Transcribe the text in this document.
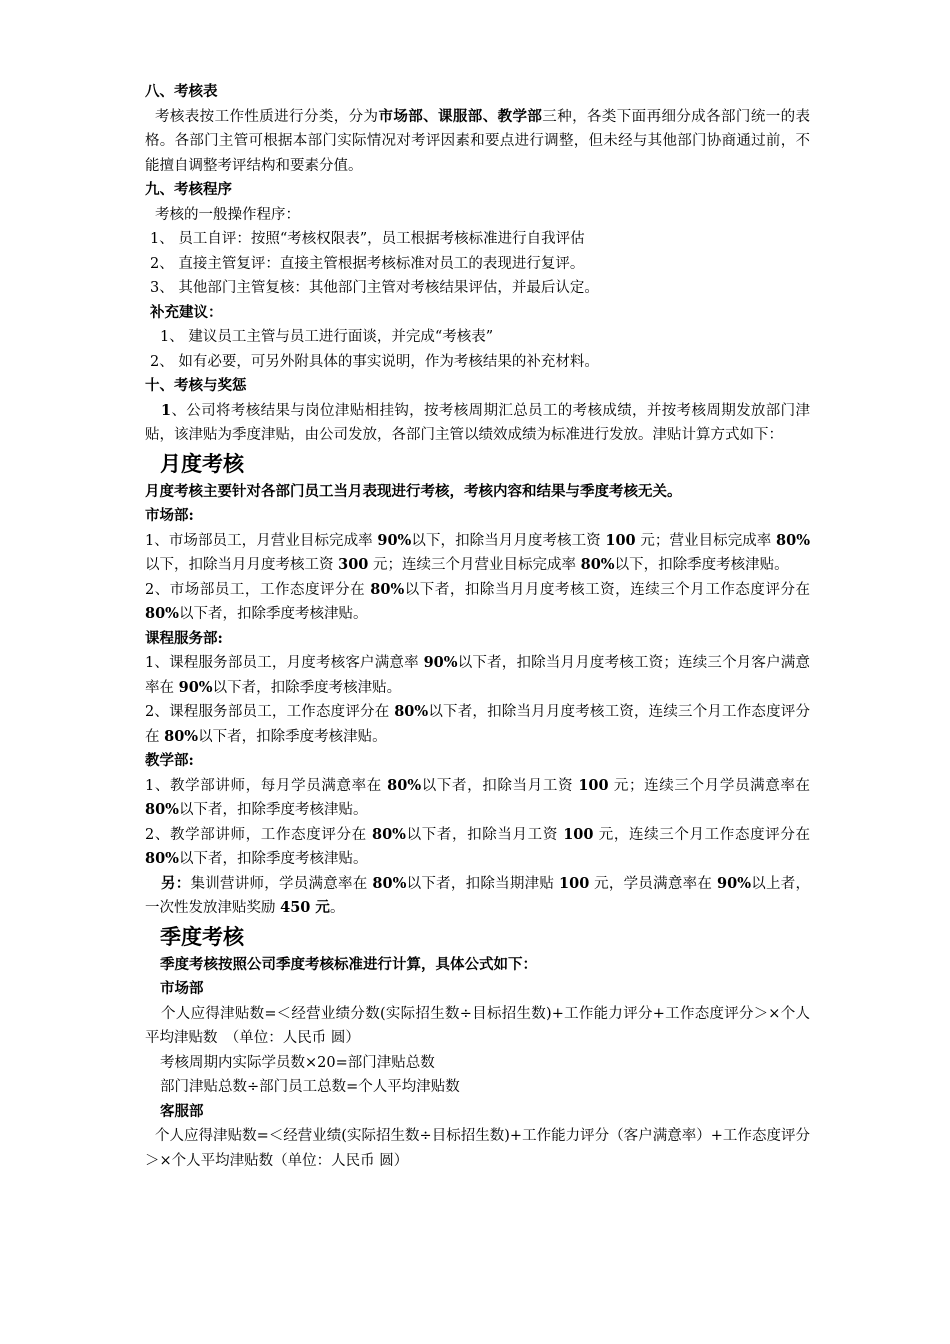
八、考核表

考核表按工作性质进行分类，分为市场部、课服部、教学部三种，各类下面再细分成各部门统一的表格。各部门主管可根据本部门实际情况对考评因素和要点进行调整，但未经与其他部门协商通过前，不能擅自调整考评结构和要素分值。

九、考核程序

考核的一般操作程序：

1、 员工自评：按照“考核权限表”，员工根据考核标准进行自我评估

2、 直接主管复评：直接主管根据考核标准对员工的表现进行复评。

3、 其他部门主管复核：其他部门主管对考核结果评估，并最后认定。

补充建议：

1、 建议员工主管与员工进行面谈，并完成“考核表”

2、 如有必要，可另外附具体的事实说明，作为考核结果的补充材料。

十、考核与奖惩

1、公司将考核结果与岗位津贴相挂钩，按考核周期汇总员工的考核成绩，并按考核周期发放部门津贴，该津贴为季度津贴，由公司发放，各部门主管以绩效成绩为标准进行发放。津贴计算方式如下：

月度考核

月度考核主要针对各部门员工当月表现进行考核，考核内容和结果与季度考核无关。

市场部:

1、市场部员工，月营业目标完成率 90%以下，扣除当月月度考核工资 100 元；营业目标完成率 80%以下，扣除当月月度考核工资 300 元；连续三个月营业目标完成率 80%以下，扣除季度考核津贴。

2、市场部员工，工作态度评分在 80%以下者，扣除当月月度考核工资，连续三个月工作态度评分在 80%以下者，扣除季度考核津贴。

课程服务部:

1、课程服务部员工，月度考核客户满意率 90%以下者，扣除当月月度考核工资；连续三个月客户满意率在 90%以下者，扣除季度考核津贴。

2、课程服务部员工，工作态度评分在 80%以下者，扣除当月月度考核工资，连续三个月工作态度评分在 80%以下者，扣除季度考核津贴。

教学部:

1、教学部讲师，每月学员满意率在 80%以下者，扣除当月工资 100 元；连续三个月学员满意率在 80%以下者，扣除季度考核津贴。

2、教学部讲师，工作态度评分在 80%以下者，扣除当月工资 100 元，连续三个月工作态度评分在 80%以下者，扣除季度考核津贴。

另：集训营讲师，学员满意率在 80%以下者，扣除当期津贴 100 元，学员满意率在 90%以上者，一次性发放津贴奖励 450 元。

季度考核

季度考核按照公司季度考核标准进行计算，具体公式如下：

市场部

个人应得津贴数=＜经营业绩分数(实际招生数÷目标招生数)+工作能力评分+工作态度评分＞×个人平均津贴数　（单位：人民币 圆）

考核周期内实际学员数×20=部门津贴总数

部门津贴总数÷部门员工总数=个人平均津贴数

客服部

个人应得津贴数=＜经营业绩(实际招生数÷目标招生数)+工作能力评分（客户满意率）+工作态度评分＞×个人平均津贴数（单位：人民币 圆）
